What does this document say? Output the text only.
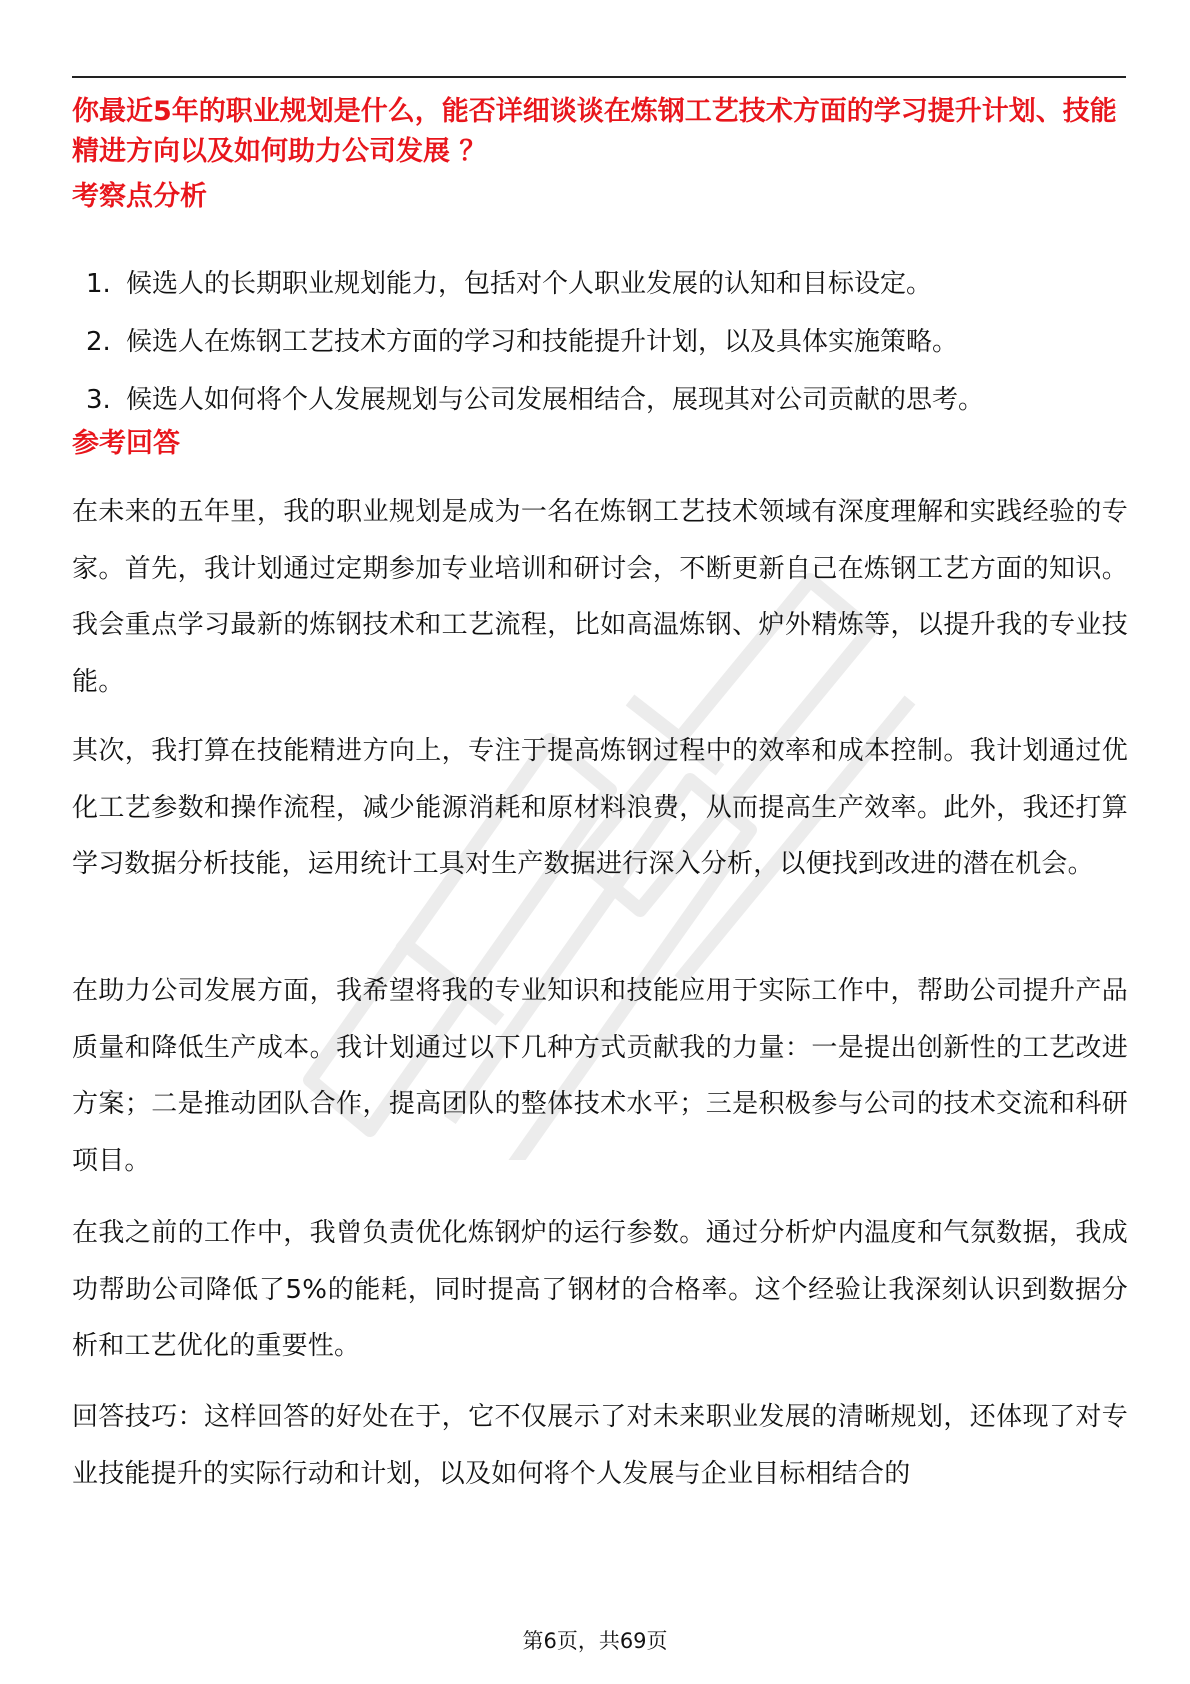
你最近5年的职业规划是什么，能否详细谈谈在炼钢工艺技术方面的学习提升计划、技能精进方向以及如何助力公司发展 ？

考察点分析

1. 候选人的长期职业规划能力，包括对个人职业发展的认知和目标设定。
2. 候选人在炼钢工艺技术方面的学习和技能提升计划，以及具体实施策略。
3. 候选人如何将个人发展规划与公司发展相结合，展现其对公司贡献的思考。

参考回答

在未来的五年里，我的职业规划是成为一名在炼钢工艺技术领域有深度理解和实践经验的专家。首先，我计划通过定期参加专业培训和研讨会，不断更新自己在炼钢工艺方面的知识。我会重点学习最新的炼钢技术和工艺流程，比如高温炼钢、炉外精炼等，以提升我的专业技能。

其次，我打算在技能精进方向上，专注于提高炼钢过程中的效率和成本控制。我计划通过优化工艺参数和操作流程，减少能源消耗和原材料浪费，从而提高生产效率。此外，我还打算学习数据分析技能，运用统计工具对生产数据进行深入分析，以便找到改进的潜在机会。

在助力公司发展方面，我希望将我的专业知识和技能应用于实际工作中，帮助公司提升产品质量和降低生产成本。我计划通过以下几种方式贡献我的力量：一是提出创新性的工艺改进方案；二是推动团队合作，提高团队的整体技术水平；三是积极参与公司的技术交流和科研项目。

在我之前的工作中，我曾负责优化炼钢炉的运行参数。通过分析炉内温度和气氛数据，我成功帮助公司降低了5%的能耗，同时提高了钢材的合格率。这个经验让我深刻认识到数据分析和工艺优化的重要性。

回答技巧：这样回答的好处在于，它不仅展示了对未来职业发展的清晰规划，还体现了对专业技能提升的实际行动和计划，以及如何将个人发展与企业目标相结合的

第6页，共69页
